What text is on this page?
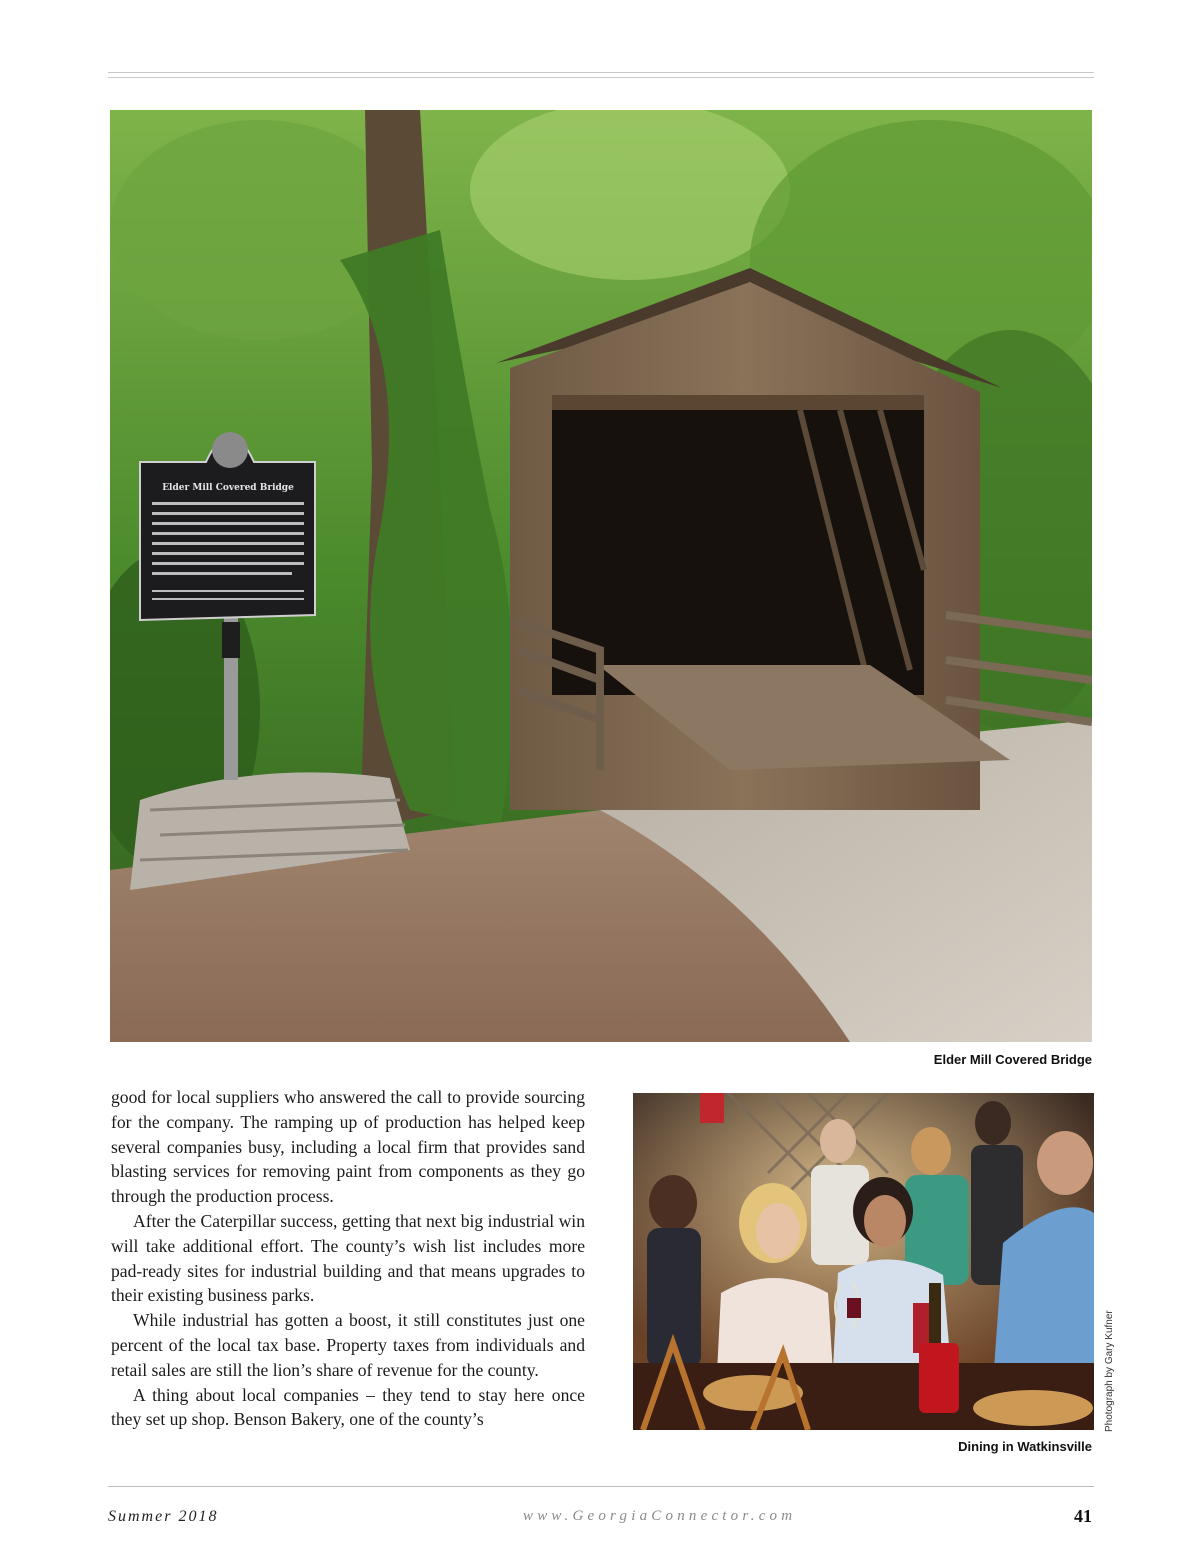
Elder Mill Covered Bridge
Elder Mill Covered Bridge

good for local suppliers who answered the call to provide sourcing for the company. The ramping up of production has helped keep several companies busy, including a local firm that provides sand blasting services for removing paint from components as they go through the production process.

After the Caterpillar success, getting that next big industrial win will take additional effort. The county’s wish list includes more pad-ready sites for industrial building and that means upgrades to their existing business parks.

While industrial has gotten a boost, it still constitutes just one percent of the local tax base. Property taxes from individuals and retail sales are still the lion’s share of revenue for the county.

A thing about local companies – they tend to stay here once they set up shop. Benson Bakery, one of the county’s	Photograph by Gary Kufner
Dining in Watkinsville
Summer 2018	www.GeorgiaConnector.com	41
